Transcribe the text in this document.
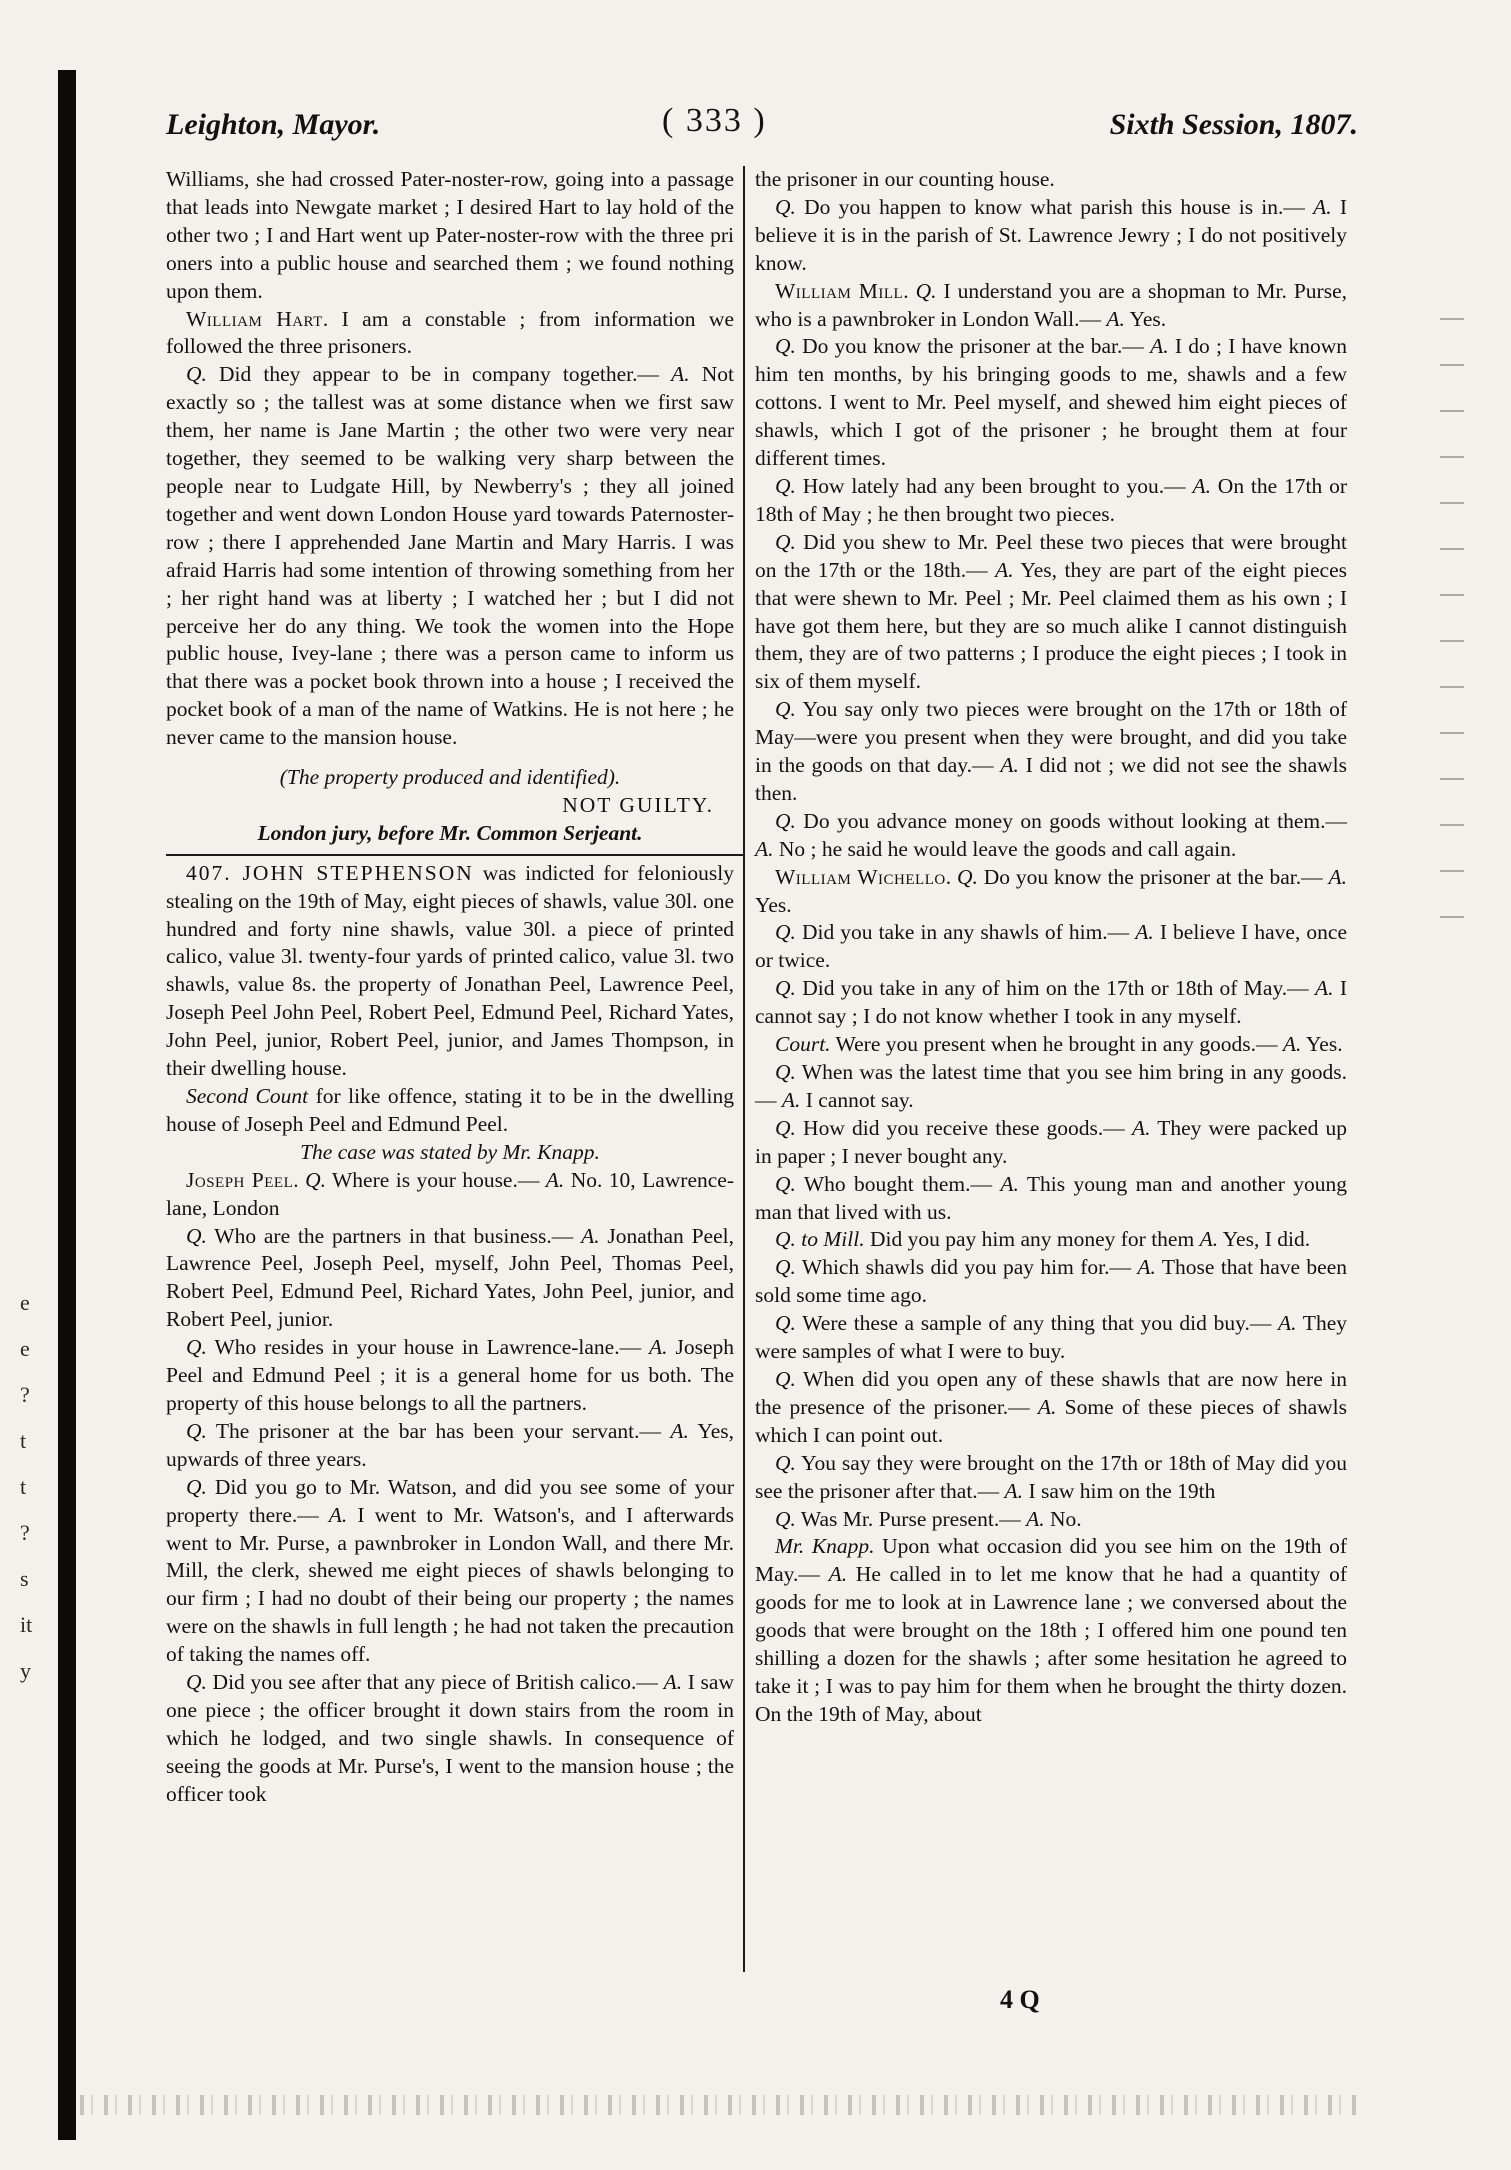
e
e
?
t
t
?
s
it
y
Leighton, Mayor.	( 333 )	Sixth Session, 1807.

Williams, she had crossed Pater-noster-row, going into a passage that leads into Newgate market ; I desired Hart to lay hold of the other two ; I and Hart went up Pater-noster-row with the three pri oners into a public house and searched them ; we found nothing upon them.

William Hart. I am a constable ; from information we followed the three prisoners.

Q. Did they appear to be in company together.— A. Not exactly so ; the tallest was at some distance when we first saw them, her name is Jane Martin ; the other two were very near together, they seemed to be walking very sharp between the people near to Ludgate Hill, by Newberry's ; they all joined together and went down London House yard towards Paternoster-row ; there I apprehended Jane Martin and Mary Harris. I was afraid Harris had some intention of throwing something from her ; her right hand was at liberty ; I watched her ; but I did not perceive her do any thing. We took the women into the Hope public house, Ivey-lane ; there was a person came to inform us that there was a pocket book thrown into a house ; I received the pocket book of a man of the name of Watkins. He is not here ; he never came to the mansion house.

(The property produced and identified).

NOT GUILTY.

London jury, before Mr. Common Serjeant.

407. JOHN STEPHENSON was indicted for feloniously stealing on the 19th of May, eight pieces of shawls, value 30l. one hundred and forty nine shawls, value 30l. a piece of printed calico, value 3l. twenty-four yards of printed calico, value 3l. two shawls, value 8s. the property of Jonathan Peel, Lawrence Peel, Joseph Peel John Peel, Robert Peel, Edmund Peel, Richard Yates, John Peel, junior, Robert Peel, junior, and James Thompson, in their dwelling house.

Second Count for like offence, stating it to be in the dwelling house of Joseph Peel and Edmund Peel.

The case was stated by Mr. Knapp.

Joseph Peel. Q. Where is your house.— A. No. 10, Lawrence-lane, London

Q. Who are the partners in that business.— A. Jonathan Peel, Lawrence Peel, Joseph Peel, myself, John Peel, Thomas Peel, Robert Peel, Edmund Peel, Richard Yates, John Peel, junior, and Robert Peel, junior.

Q. Who resides in your house in Lawrence-lane.— A. Joseph Peel and Edmund Peel ; it is a general home for us both. The property of this house belongs to all the partners.

Q. The prisoner at the bar has been your servant.— A. Yes, upwards of three years.

Q. Did you go to Mr. Watson, and did you see some of your property there.— A. I went to Mr. Watson's, and I afterwards went to Mr. Purse, a pawnbroker in London Wall, and there Mr. Mill, the clerk, shewed me eight pieces of shawls belonging to our firm ; I had no doubt of their being our property ; the names were on the shawls in full length ; he had not taken the precaution of taking the names off.

Q. Did you see after that any piece of British calico.— A. I saw one piece ; the officer brought it down stairs from the room in which he lodged, and two single shawls. In consequence of seeing the goods at Mr. Purse's, I went to the mansion house ; the officer took

the prisoner in our counting house.

Q. Do you happen to know what parish this house is in.— A. I believe it is in the parish of St. Lawrence Jewry ; I do not positively know.

William Mill. Q. I understand you are a shopman to Mr. Purse, who is a pawnbroker in London Wall.— A. Yes.

Q. Do you know the prisoner at the bar.— A. I do ; I have known him ten months, by his bringing goods to me, shawls and a few cottons. I went to Mr. Peel myself, and shewed him eight pieces of shawls, which I got of the prisoner ; he brought them at four different times.

Q. How lately had any been brought to you.— A. On the 17th or 18th of May ; he then brought two pieces.

Q. Did you shew to Mr. Peel these two pieces that were brought on the 17th or the 18th.— A. Yes, they are part of the eight pieces that were shewn to Mr. Peel ; Mr. Peel claimed them as his own ; I have got them here, but they are so much alike I cannot distinguish them, they are of two patterns ; I produce the eight pieces ; I took in six of them myself.

Q. You say only two pieces were brought on the 17th or 18th of May—were you present when they were brought, and did you take in the goods on that day.— A. I did not ; we did not see the shawls then.

Q. Do you advance money on goods without looking at them.— A. No ; he said he would leave the goods and call again.

William Wichello. Q. Do you know the prisoner at the bar.— A. Yes.

Q. Did you take in any shawls of him.— A. I believe I have, once or twice.

Q. Did you take in any of him on the 17th or 18th of May.— A. I cannot say ; I do not know whether I took in any myself.

Court. Were you present when he brought in any goods.— A. Yes.

Q. When was the latest time that you see him bring in any goods.— A. I cannot say.

Q. How did you receive these goods.— A. They were packed up in paper ; I never bought any.

Q. Who bought them.— A. This young man and another young man that lived with us.

Q. to Mill. Did you pay him any money for them A. Yes, I did.

Q. Which shawls did you pay him for.— A. Those that have been sold some time ago.

Q. Were these a sample of any thing that you did buy.— A. They were samples of what I were to buy.

Q. When did you open any of these shawls that are now here in the presence of the prisoner.— A. Some of these pieces of shawls which I can point out.

Q. You say they were brought on the 17th or 18th of May did you see the prisoner after that.— A. I saw him on the 19th

Q. Was Mr. Purse present.— A. No.

Mr. Knapp. Upon what occasion did you see him on the 19th of May.— A. He called in to let me know that he had a quantity of goods for me to look at in Lawrence lane ; we conversed about the goods that were brought on the 18th ; I offered him one pound ten shilling a dozen for the shawls ; after some hesitation he agreed to take it ; I was to pay him for them when he brought the thirty dozen. On the 19th of May, about

4 Q
